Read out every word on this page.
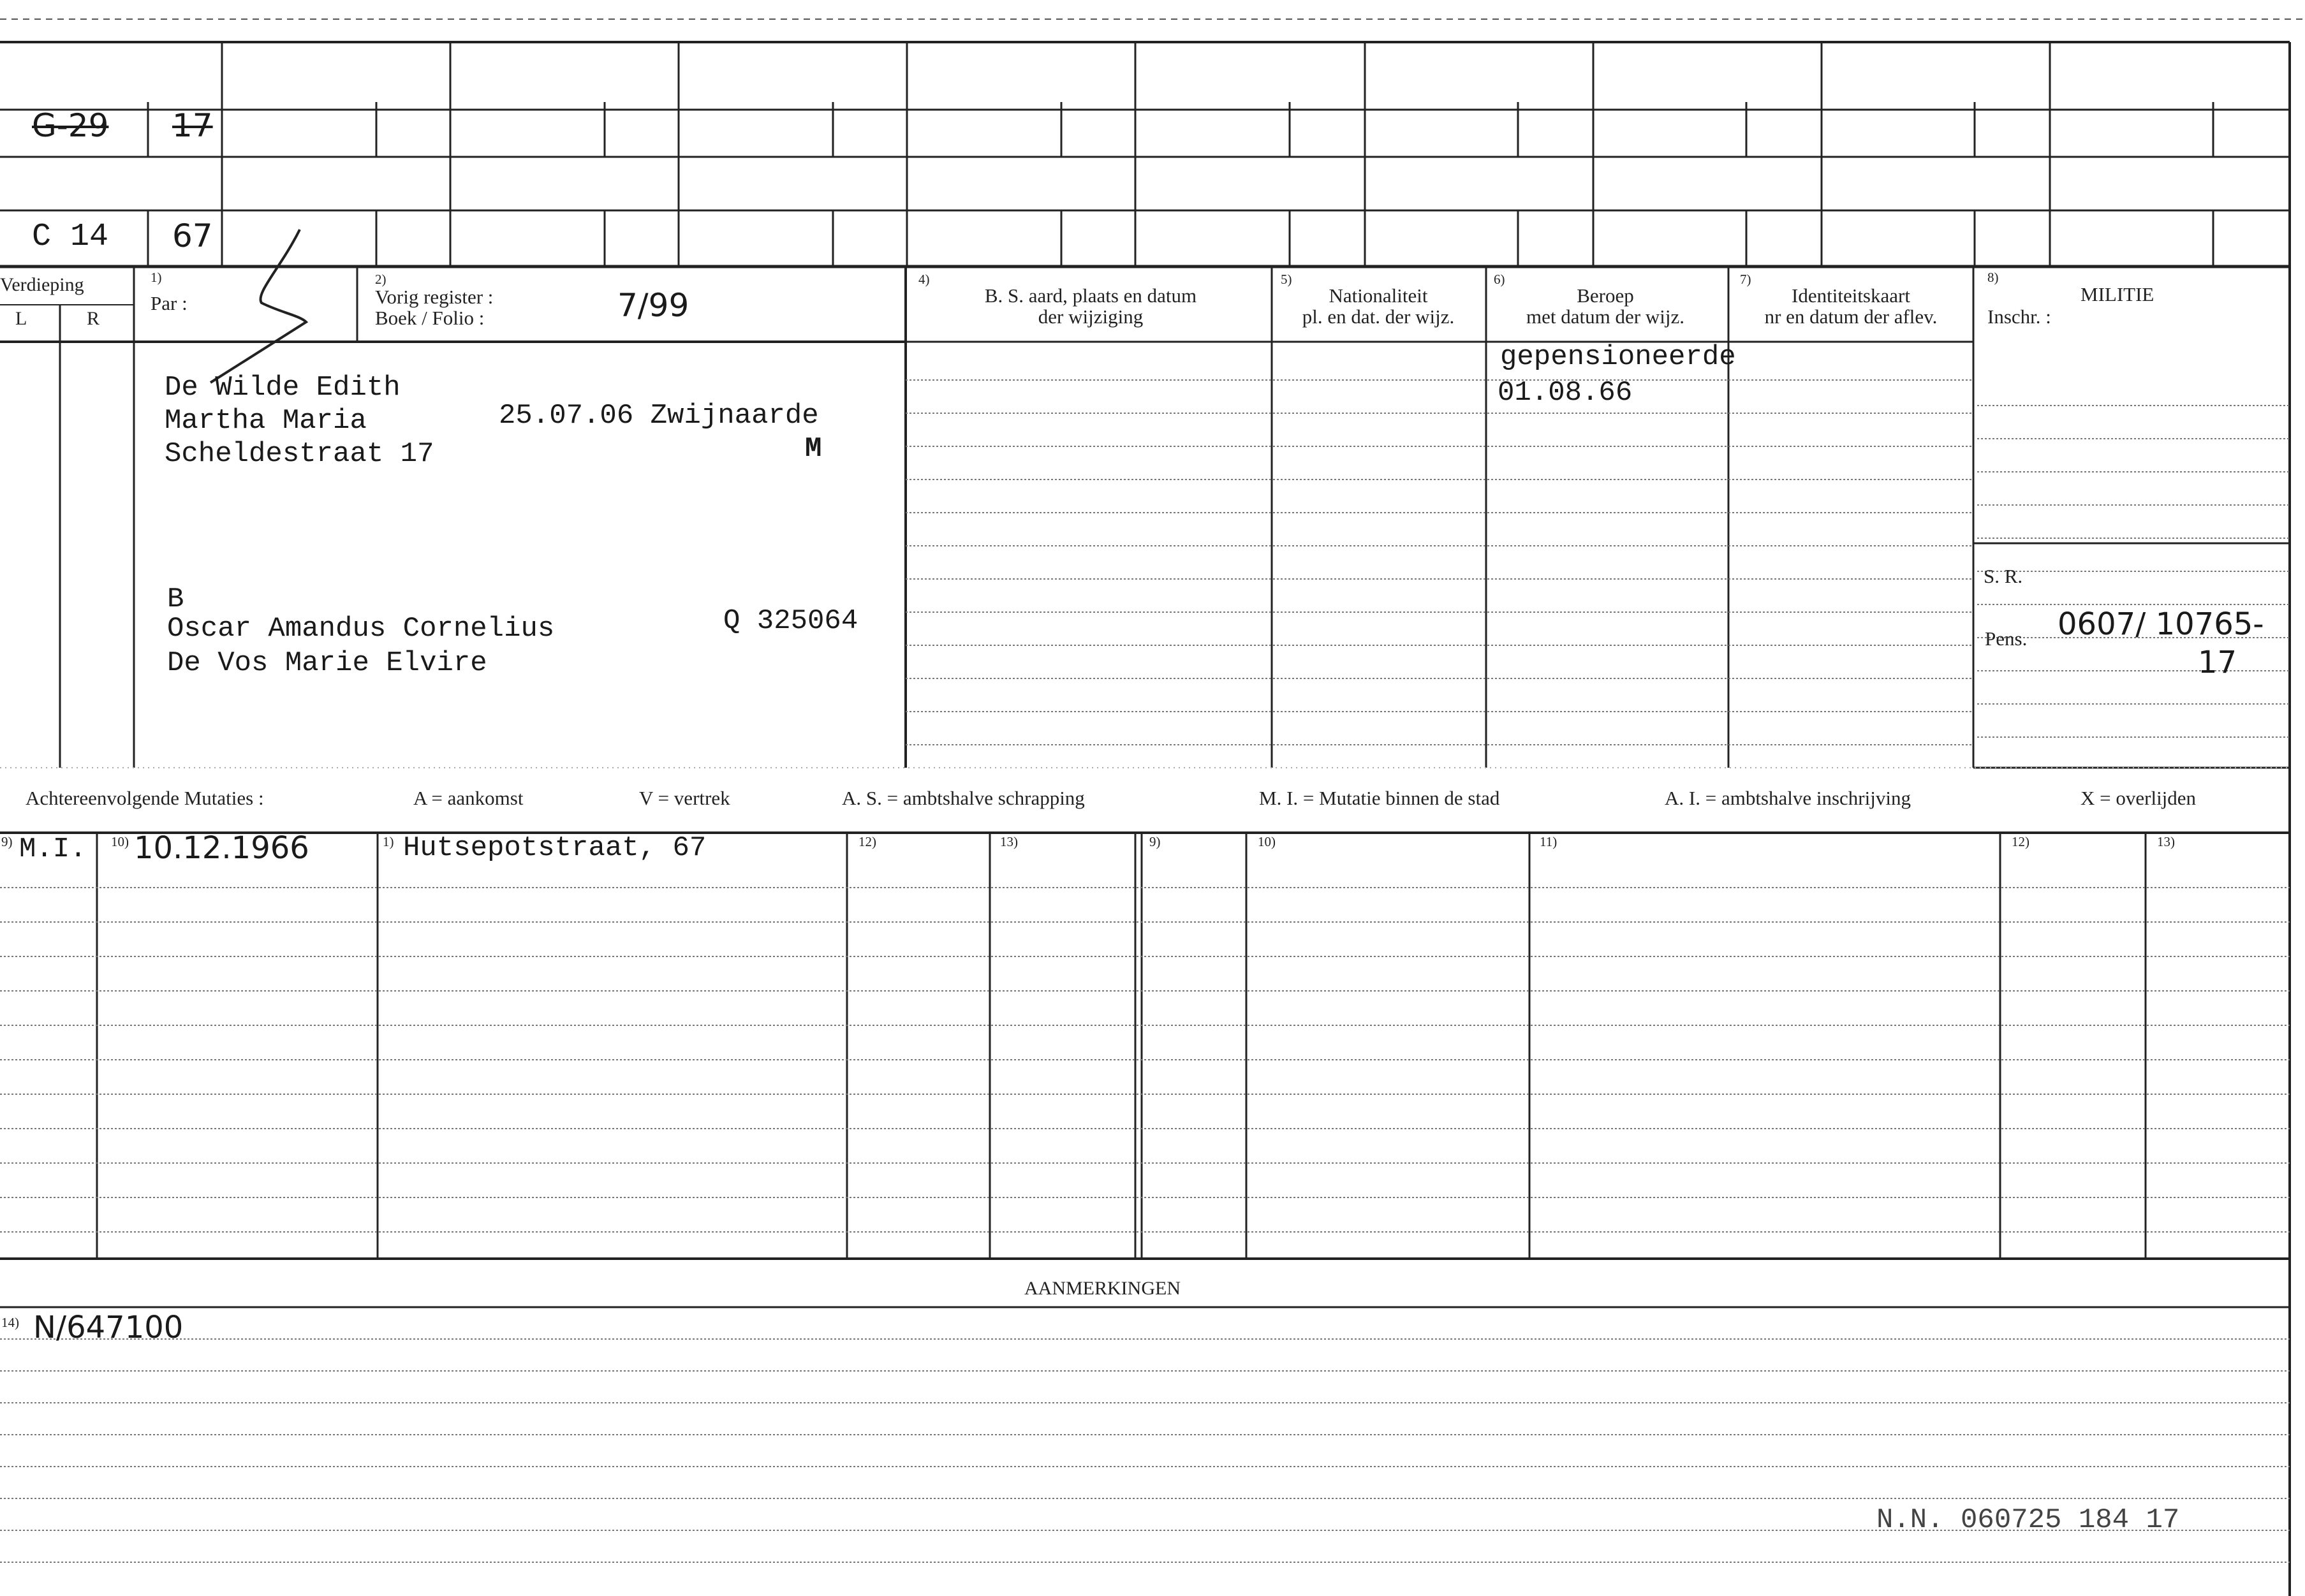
G-29 17
C 14 67
Verdieping
L	R
1)
Par :
2)
Vorig register :
Boek / Folio :	7/99
4)
B. S. aard, plaats en datum
der wijziging
5)
Nationaliteit
pl. en dat. der wijz.
6)
Beroep
met datum der wijz.
7)
Identiteitskaart
nr en datum der aflev.
8)
MILITIE
Inschr. :
De Wilde Edith
Martha Maria
Scheldestraat 17
25.07.06 Zwijnaarde
M
B
Oscar Amandus Cornelius
De Vos Marie Elvire
Q 325064
gepensioneerde
01.08.66
S. R.
Pens. 0607/ 10765-
17
Achtereenvolgende Mutaties :	A = aankomst	V = vertrek	A. S. = ambtshalve schrapping	M. I. = Mutatie binnen de stad	A. I. = ambtshalve inschrijving	X = overlijden
9)	10)	1)	12)	13)	9)	10)	11)	12)	13)
M.I. 10.12.1966	Hutsepotstraat, 67
AANMERKINGEN
14) N/647100
N.N. 060725 184 17
